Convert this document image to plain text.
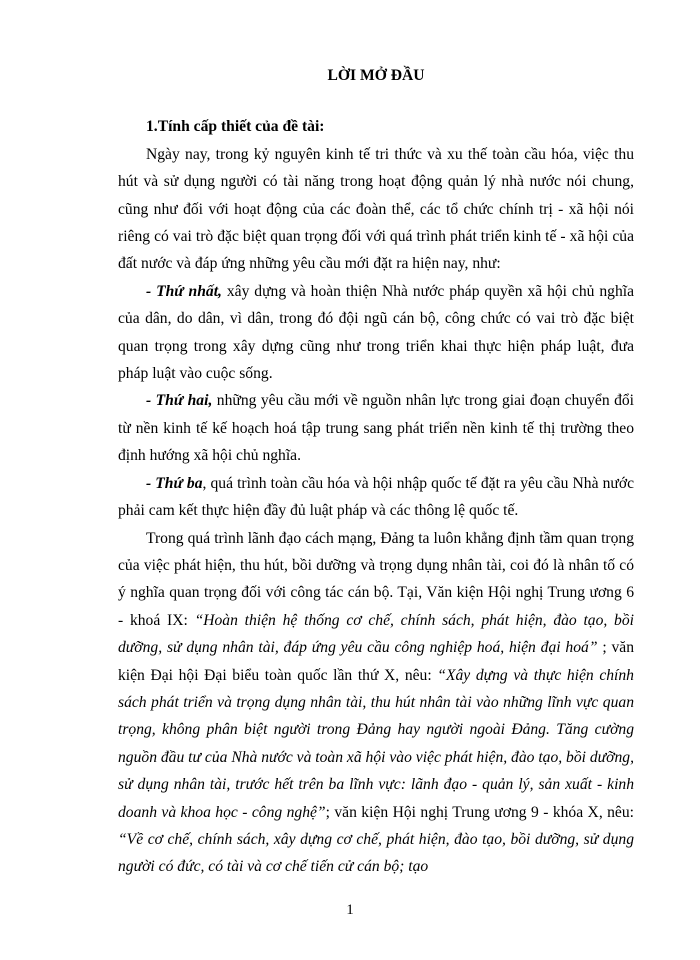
LỜI MỞ ĐẦU

1.Tính cấp thiết của đề tài:

Ngày nay, trong kỷ nguyên kinh tế tri thức và xu thế toàn cầu hóa, việc thu hút và sử dụng người có tài năng trong hoạt động quản lý nhà nước nói chung, cũng như đối với hoạt động của các đoàn thể, các tổ chức chính trị - xã hội nói riêng có vai trò đặc biệt quan trọng đối với quá trình phát triển kinh tế - xã hội của đất nước và đáp ứng những yêu cầu mới đặt ra hiện nay, như:

- Thứ nhất, xây dựng và hoàn thiện Nhà nước pháp quyền xã hội chủ nghĩa của dân, do dân, vì dân, trong đó đội ngũ cán bộ, công chức có vai trò đặc biệt quan trọng trong xây dựng cũng như trong triển khai thực hiện pháp luật, đưa pháp luật vào cuộc sống.

- Thứ hai, những yêu cầu mới về nguồn nhân lực trong giai đoạn chuyển đổi từ nền kinh tế kế hoạch hoá tập trung sang phát triển nền kinh tế thị trường theo định hướng xã hội chủ nghĩa.

- Thứ ba, quá trình toàn cầu hóa và hội nhập quốc tế đặt ra yêu cầu Nhà nước phải cam kết thực hiện đầy đủ luật pháp và các thông lệ quốc tế.

Trong quá trình lãnh đạo cách mạng, Đảng ta luôn khẳng định tầm quan trọng của việc phát hiện, thu hút, bồi dưỡng và trọng dụng nhân tài, coi đó là nhân tố có ý nghĩa quan trọng đối với công tác cán bộ. Tại, Văn kiện Hội nghị Trung ương 6 - khoá IX: “Hoàn thiện hệ thống cơ chế, chính sách, phát hiện, đào tạo, bồi dưỡng, sử dụng nhân tài, đáp ứng yêu cầu công nghiệp hoá, hiện đại hoá” ; văn kiện Đại hội Đại biểu toàn quốc lần thứ X, nêu: “Xây dựng và thực hiện chính sách phát triển và trọng dụng nhân tài, thu hút nhân tài vào những lĩnh vực quan trọng, không phân biệt người trong Đảng hay người ngoài Đảng. Tăng cường nguồn đầu tư của Nhà nước và toàn xã hội vào việc phát hiện, đào tạo, bồi dưỡng, sử dụng nhân tài, trước hết trên ba lĩnh vực: lãnh đạo - quản lý, sản xuất - kinh doanh và khoa học - công nghệ”; văn kiện Hội nghị Trung ương 9 - khóa X, nêu: “Về cơ chế, chính sách, xây dựng cơ chế, phát hiện, đào tạo, bồi dưỡng, sử dụng người có đức, có tài và cơ chế tiến cử cán bộ; tạo

1
